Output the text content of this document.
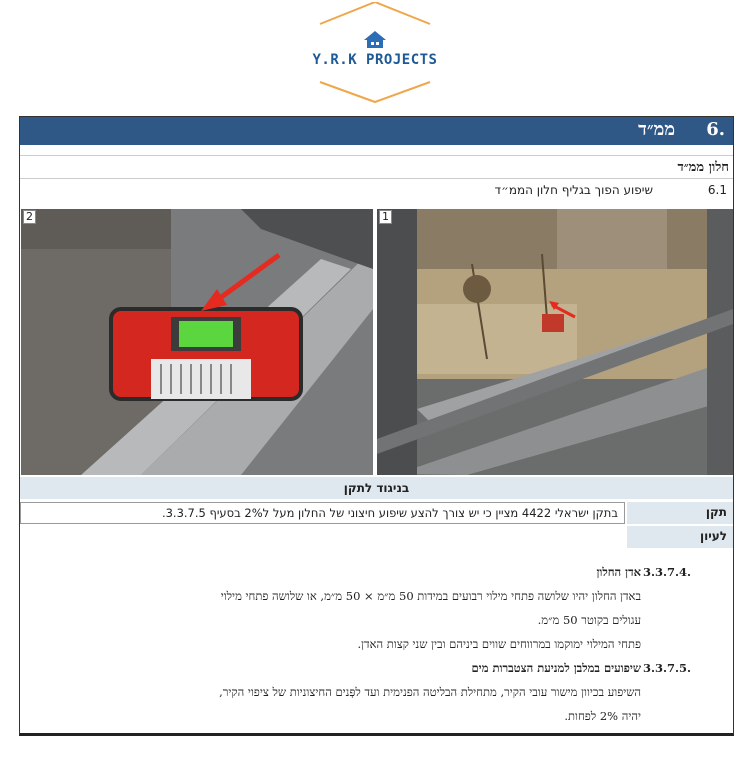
Y.R.K PROJECTS
.6
ממ״ד
חלון ממ״ד
6.1
שיפוע הפוך בגליף חלון הממ״ד
1
2
בניגוד לתקן
תקן
בתקן ישראלי 4422 מציין כי יש צורך להצע שיפוע חיצוני של החלון מעל ל2% בסעיף 3.3.7.5.
לעיון
.3.3.7.4
אדן החלון
באדן החלון יהיו שלושה פתחי מילוי רבועים במידות 50 מ״מ × 50 מ״מ, או שלושה פתחי מילוי
עגולים בקוטר 50 מ״מ.
פתחי המילוי ימוקמו במרווחים שווים ביניהם ובין שני קצות האדן.
.3.3.7.5
שיפועים במלבן למניעת הצטברות מים
השיפוע בכיוון מישור עובי הקיר, מתחילת הבליטה הפנימית ועד לפְּנים החיצוניות של ציפוי הקיר,
יהיה 2% לפחות.
